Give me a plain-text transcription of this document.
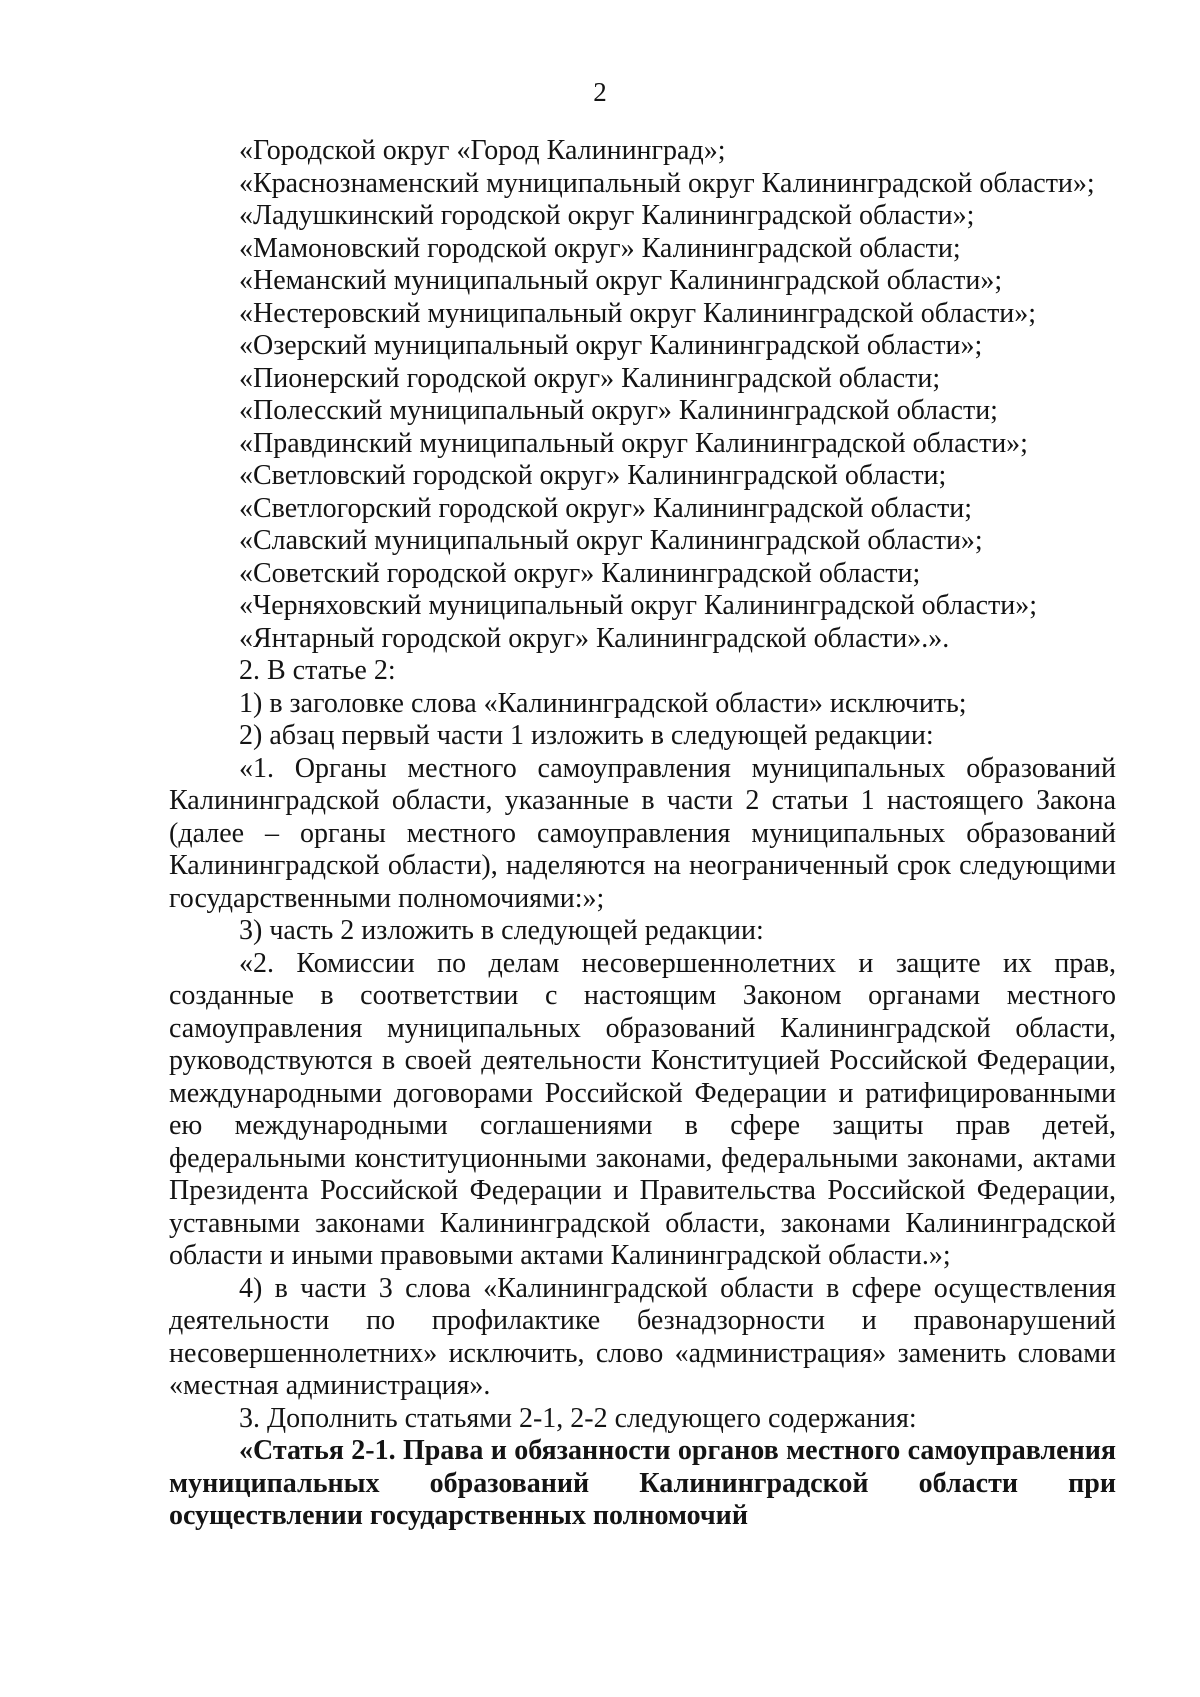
2
«Городской округ «Город Калининград»;
«Краснознаменский муниципальный округ Калининградской области»;
«Ладушкинский городской округ Калининградской области»;
«Мамоновский городской округ» Калининградской области;
«Неманский муниципальный округ Калининградской области»;
«Нестеровский муниципальный округ Калининградской области»;
«Озерский муниципальный округ Калининградской области»;
«Пионерский городской округ» Калининградской области;
«Полесский муниципальный округ» Калининградской области;
«Правдинский муниципальный округ Калининградской области»;
«Светловский городской округ» Калининградской области;
«Светлогорский городской округ» Калининградской области;
«Славский муниципальный округ Калининградской области»;
«Советский городской округ» Калининградской области;
«Черняховский муниципальный округ Калининградской области»;
«Янтарный городской округ» Калининградской области».».
2. В статье 2:
1) в заголовке слова «Калининградской области» исключить;
2) абзац первый части 1 изложить в следующей редакции:
«1. Органы местного самоуправления муниципальных образований Калининградской области, указанные в части 2 статьи 1 настоящего Закона (далее – органы местного самоуправления муниципальных образований Калининградской области), наделяются на неограниченный срок следующими государственными полномочиями:»;
3) часть 2 изложить в следующей редакции:
«2. Комиссии по делам несовершеннолетних и защите их прав, созданные в соответствии с настоящим Законом органами местного самоуправления муниципальных образований Калининградской области, руководствуются в своей деятельности Конституцией Российской Федерации, международными договорами Российской Федерации и ратифицированными ею международными соглашениями в сфере защиты прав детей, федеральными конституционными законами, федеральными законами, актами Президента Российской Федерации и Правительства Российской Федерации, уставными законами Калининградской области, законами Калининградской области и иными правовыми актами Калининградской области.»;
4) в части 3 слова «Калининградской области в сфере осуществления деятельности по профилактике безнадзорности и правонарушений несовершеннолетних» исключить, слово «администрация» заменить словами «местная администрация».
3. Дополнить статьями 2-1, 2-2 следующего содержания:
«Статья 2-1. Права и обязанности органов местного самоуправления муниципальных образований Калининградской области при осуществлении государственных полномочий
